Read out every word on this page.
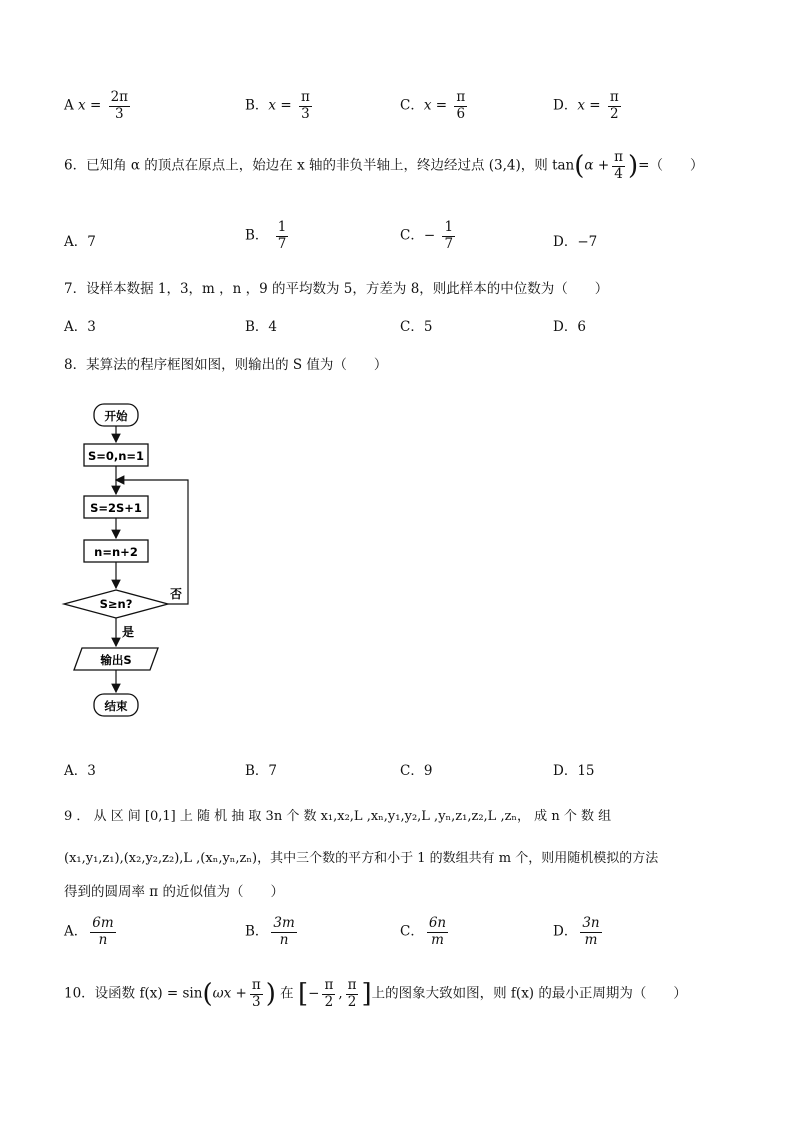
A $x = \frac{2\pi}{3}$	B．$x = \frac{\pi}{3}$	C．$x = \frac{\pi}{6}$	D．$x = \frac{\pi}{2}$
6．已知角 α 的顶点在原点上，始边在 x 轴的非负半轴上，终边经过点 (3,4)，则 $\tan(\alpha + \frac{\pi}{4}$ )=（　　）
A．7	B． $\frac{1}{7}$	C．− $\frac{1}{7}$	D．−7
7．设样本数据 1，3，m ，n ，9 的平均数为 5，方差为 8，则此样本的中位数为（　　）
A．3	B．4	C．5	D．6
8．某算法的程序框图如图，则输出的 S 值为（　　）
开始
S=0,n=1
S=2S+1
n=n+2
S≥n?
否
是
输出S
结束
A．3	B．7	C．9	D．15
9 ． 从 区 间 [0,1] 上 随 机 抽 取 3n 个 数 x₁,x₂,L ,xₙ,y₁,y₂,L ,yₙ,z₁,z₂,L ,zₙ， 成 n 个 数 组
(x₁,y₁,z₁),(x₂,y₂,z₂),L ,(xₙ,yₙ,zₙ)，其中三个数的平方和小于 1 的数组共有 m 个，则用随机模拟的方法
得到的圆周率 π 的近似值为（　　）
A． $\frac{6m}{n}$	B． $\frac{3m}{n}$	C． $\frac{6n}{m}$	D． $\frac{3n}{m}$
10．设函数 $f(x) = \sin(\omega x + \frac{\pi}{3}$ ) 在 [− $\frac{\pi}{2}$ , $\frac{\pi}{2}$ ]上的图象大致如图，则 f(x) 的最小正周期为（　　）
